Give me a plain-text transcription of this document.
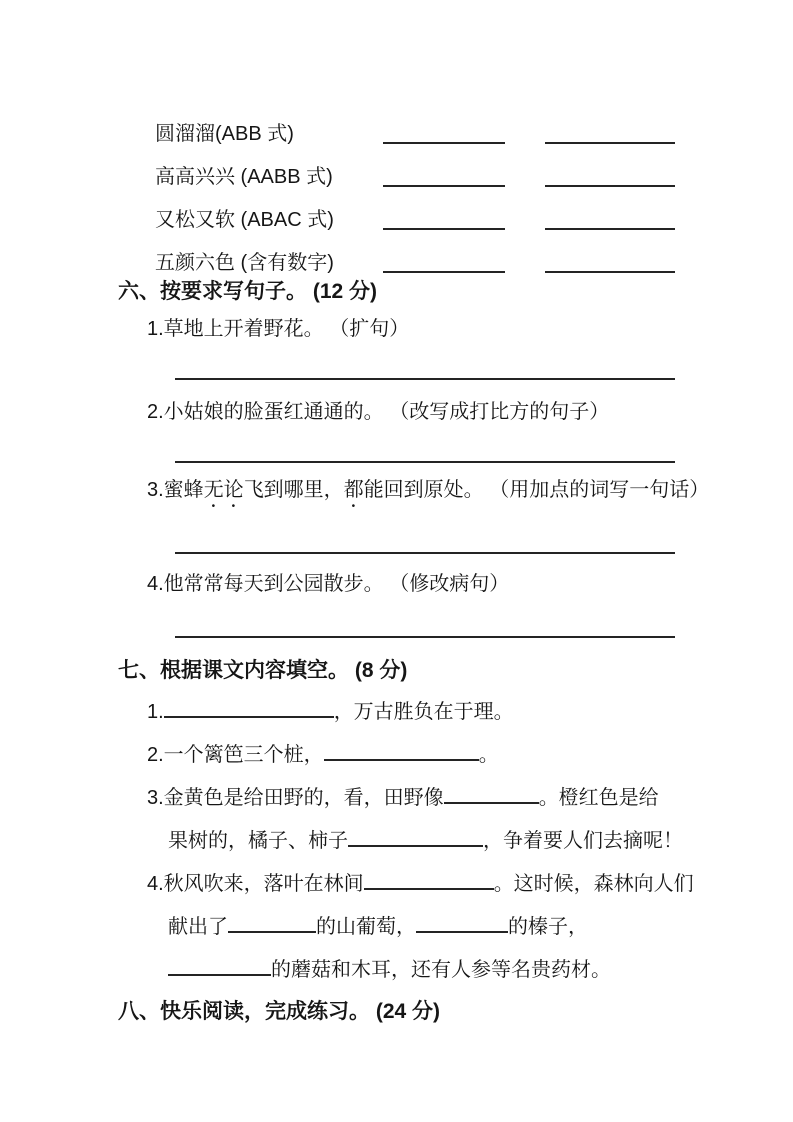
圆溜溜(ABB 式)
高高兴兴 (AABB 式)
又松又软 (ABAC 式)
五颜六色 (含有数字)
六、按要求写句子。 (12 分)

1.草地上开着野花。 （扩句）

2.小姑娘的脸蛋红通通的。 （改写成打比方的句子）

3.蜜蜂无论飞到哪里，都能回到原处。 （用加点的词写一句话）

4.他常常每天到公园散步。 （修改病句）

七、根据课文内容填空。 (8 分)

1.	，万古胜负在于理。

2.一个篱笆三个桩，	。

3.金黄色是给田野的，看，田野像	。橙红色是给

果树的，橘子、柿子	，争着要人们去摘呢！

4.秋风吹来，落叶在林间	。这时候，森林向人们

献出了	的山葡萄，	的榛子，

的蘑菇和木耳，还有人参等名贵药材。

八、快乐阅读，完成练习。 (24 分)
